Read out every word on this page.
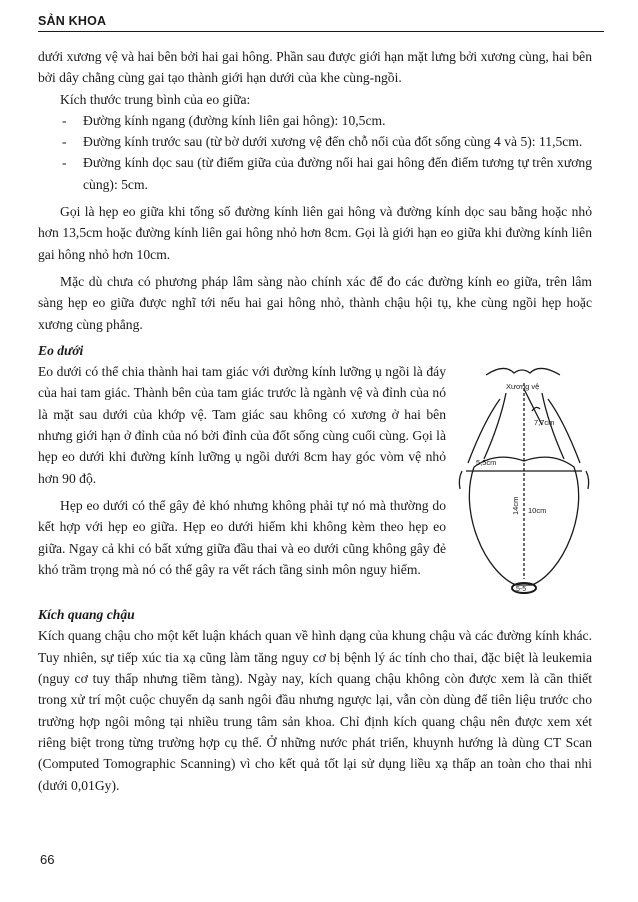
SẢN KHOA

dưới xương vệ và hai bên bởi hai gai hông. Phần sau được giới hạn mặt lưng bởi xương cùng, hai bên bởi dây chằng cùng gai tạo thành giới hạn dưới của khe cùng-ngồi.

Kích thước trung bình của eo giữa:

- Đường kính ngang (đường kính liên gai hông): 10,5cm.
- Đường kính trước sau (từ bờ dưới xương vệ đến chỗ nối của đốt sống cùng 4 và 5): 11,5cm.
- Đường kính dọc sau (từ điểm giữa của đường nối hai gai hông đến điểm tương tự trên xương cùng): 5cm.

Gọi là hẹp eo giữa khi tổng số đường kính liên gai hông và đường kính dọc sau bằng hoặc nhỏ hơn 13,5cm hoặc đường kính liên gai hông nhỏ hơn 8cm. Gọi là giới hạn eo giữa khi đường kính liên gai hông nhỏ hơn 10cm.

Mặc dù chưa có phương pháp lâm sàng nào chính xác để đo các đường kính eo giữa, trên lâm sàng hẹp eo giữa được nghĩ tới nếu hai gai hông nhỏ, thành chậu hội tụ, khe cùng ngồi hẹp hoặc xương cùng phẳng.

Eo dưới

Eo dưới có thể chia thành hai tam giác với đường kính lưỡng ụ ngồi là đáy của hai tam giác. Thành bên của tam giác trước là ngành vệ và đỉnh của nó là mặt sau dưới của khớp vệ. Tam giác sau không có xương ở hai bên nhưng giới hạn ở đỉnh của nó bởi đỉnh của đốt sống cùng cuối cùng. Gọi là hẹp eo dưới khi đường kính lưỡng ụ ngồi dưới 8cm hay góc vòm vệ nhỏ hơn 90 độ.

Hẹp eo dưới có thể gây đẻ khó nhưng không phải tự nó mà thường do kết hợp với hẹp eo giữa. Hẹp eo dưới hiếm khi không kèm theo hẹp eo giữa. Ngay cả khi có bất xứng giữa đầu thai và eo dưới cũng không gây đẻ khó trầm trọng mà nó có thể gây ra vết rách tầng sinh môn nguy hiểm.

Xương vệ
7,7cm
5,5cm
14cm 10cm
5-5

Kích quang chậu

Kích quang chậu cho một kết luận khách quan về hình dạng của khung chậu và các đường kính khác. Tuy nhiên, sự tiếp xúc tia xạ cũng làm tăng nguy cơ bị bệnh lý ác tính cho thai, đặc biệt là leukemia (nguy cơ tuy thấp nhưng tiềm tàng). Ngày nay, kích quang chậu không còn được xem là cần thiết trong xử trí một cuộc chuyển dạ sanh ngôi đầu nhưng ngược lại, vẫn còn dùng để tiên liệu trước cho trường hợp ngôi mông tại nhiều trung tâm sản khoa. Chỉ định kích quang chậu nên được xem xét riêng biệt trong từng trường hợp cụ thể. Ở những nước phát triển, khuynh hướng là dùng CT Scan (Computed Tomographic Scanning) vì cho kết quả tốt lại sử dụng liều xạ thấp an toàn cho thai nhi (dưới 0,01Gy).

66
